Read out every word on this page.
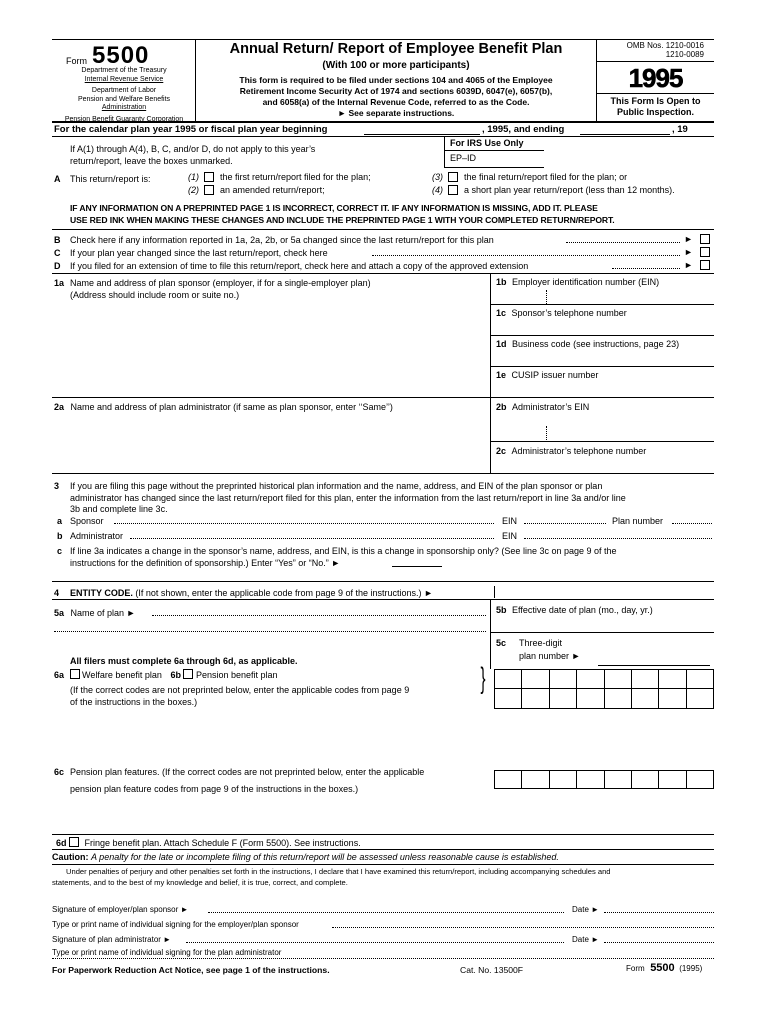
Form 5500
Department of the Treasury
Internal Revenue Service
Department of Labor
Pension and Welfare Benefits
Administration
Pension Benefit Guaranty Corporation
Annual Return/ Report of Employee Benefit Plan
(With 100 or more participants)
This form is required to be filed under sections 104 and 4065 of the Employee
Retirement Income Security Act of 1974 and sections 6039D, 6047(e), 6057(b),
and 6058(a) of the Internal Revenue Code, referred to as the Code.
► See separate instructions.
OMB Nos. 1210-0016
1210-0089
1995
This Form Is Open to
Public Inspection.
For the calendar plan year 1995 or fiscal plan year beginning	, 1995, and ending	, 19
For IRS Use Only
EP–ID
If A(1) through A(4), B, C, and/or D, do not apply to this year’s
return/report, leave the boxes unmarked.
A This return/report is:	(1) the first return/report filed for the plan;
(2) an amended return/report;
(3) the final return/report filed for the plan; or
(4) a short plan year return/report (less than 12 months).
IF ANY INFORMATION ON A PREPRINTED PAGE 1 IS INCORRECT, CORRECT IT. IF ANY INFORMATION IS MISSING, ADD IT. PLEASE
USE RED INK WHEN MAKING THESE CHANGES AND INCLUDE THE PREPRINTED PAGE 1 WITH YOUR COMPLETED RETURN/REPORT.
B Check here if any information reported in 1a, 2a, 2b, or 5a changed since the last return/report for this plan	►
C If your plan year changed since the last return/report, check here	►
D If you filed for an extension of time to file this return/report, check here and attach a copy of the approved extension	►
1a Name and address of plan sponsor (employer, if for a single-employer plan)
(Address should include room or suite no.)
1b Employer identification number (EIN)
1c Sponsor’s telephone number
1d Business code (see instructions, page 23)
1e CUSIP issuer number
2a Name and address of plan administrator (if same as plan sponsor, enter ‘‘Same’’)	2b Administrator’s EIN
2c Administrator’s telephone number
3 If you are filing this page without the preprinted historical plan information and the name, address, and EIN of the plan sponsor or plan
administrator has changed since the last return/report filed for this plan, enter the information from the last return/report in line 3a and/or line
3b and complete line 3c.
a Sponsor	EIN	Plan number
b Administrator	EIN
c If line 3a indicates a change in the sponsor’s name, address, and EIN, is this a change in sponsorship only? (See line 3c on page 9 of the
instructions for the definition of sponsorship.) Enter “Yes” or “No.” ►
4 ENTITY CODE. (If not shown, enter the applicable code from page 9 of the instructions.) ►
5a Name of plan ►	5b Effective date of plan (mo., day, yr.)
5c Three-digit
plan number ►
All filers must complete 6a through 6d, as applicable.
6a Welfare benefit plan 6b Pension benefit plan
(If the correct codes are not preprinted below, enter the applicable codes from page 9
of the instructions in the boxes.)
}
6c Pension plan features. (If the correct codes are not preprinted below, enter the applicable
pension plan feature codes from page 9 of the instructions in the boxes.)
6d Fringe benefit plan. Attach Schedule F (Form 5500). See instructions.
Caution: A penalty for the late or incomplete filing of this return/report will be assessed unless reasonable cause is established.
Under penalties of perjury and other penalties set forth in the instructions, I declare that I have examined this return/report, including accompanying schedules and
statements, and to the best of my knowledge and belief, it is true, correct, and complete.
Signature of employer/plan sponsor ►	Date ►
Type or print name of individual signing for the employer/plan sponsor
Signature of plan administrator ►	Date ►
Type or print name of individual signing for the plan administrator
For Paperwork Reduction Act Notice, see page 1 of the instructions.	Cat. No. 13500F	Form 5500 (1995)
